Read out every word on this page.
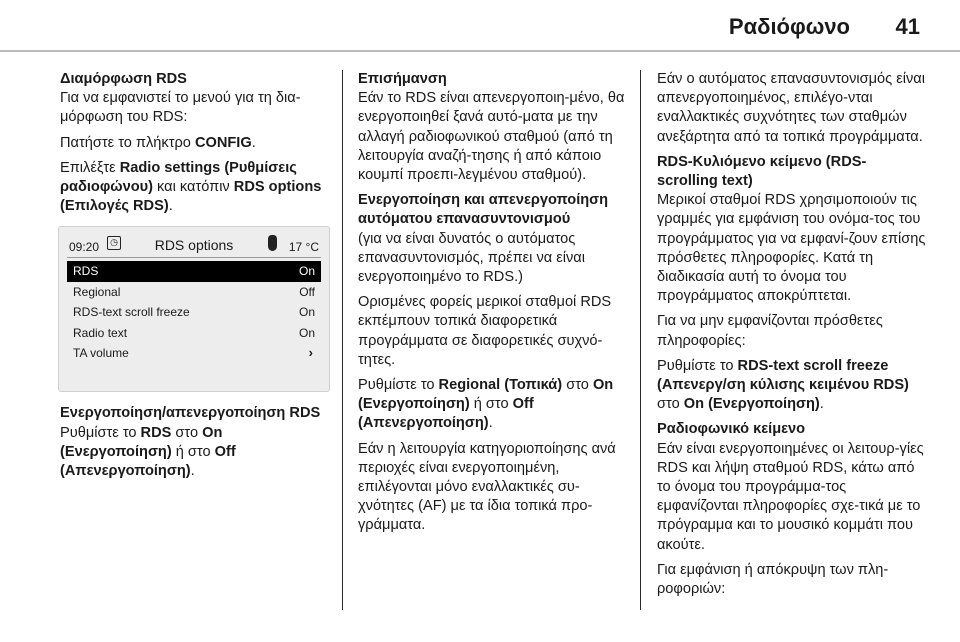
Ραδιόφωνο 41
Διαμόρφωση RDS

Για να εμφανιστεί το μενού για τη δια-μόρφωση του RDS:

Πατήστε το πλήκτρο CONFIG.

Επιλέξτε Radio settings (Ρυθμίσεις ραδιοφώνου) και κατόπιν RDS options (Επιλογές RDS).

09:20	◷	RDS options	17 °C
RDS	On
Regional	Off
RDS-text scroll freeze	On
Radio text	On
TA volume	›
Ενεργοποίηση/απενεργοποίηση RDS

Ρυθμίστε το RDS στο On (Ενεργοποίηση) ή στο Off (Απενεργοποίηση).

Επισήμανση

Εάν το RDS είναι απενεργοποιη-μένο, θα ενεργοποιηθεί ξανά αυτό-ματα με την αλλαγή ραδιοφωνικού σταθμού (από τη λειτουργία αναζή-τησης ή από κάποιο κουμπί προεπι-λεγμένου σταθμού).

Ενεργοποίηση και απενεργοποίηση αυτόματου επανασυντονισμού

(για να είναι δυνατός ο αυτόματος επανασυντονισμός, πρέπει να είναι ενεργοποιημένο το RDS.)

Ορισμένες φορείς μερικοί σταθμοί RDS εκπέμπουν τοπικά διαφορετικά προγράμματα σε διαφορετικές συχνό-τητες.

Ρυθμίστε το Regional (Τοπικά) στο On (Ενεργοποίηση) ή στο Off (Απενεργοποίηση).

Εάν η λειτουργία κατηγοριοποίησης ανά περιοχές είναι ενεργοποιημένη, επιλέγονται μόνο εναλλακτικές συ-χνότητες (AF) με τα ίδια τοπικά προ-γράμματα.

Εάν ο αυτόματος επανασυντονισμός είναι απενεργοποιημένος, επιλέγο-νται εναλλακτικές συχνότητες των σταθμών ανεξάρτητα από τα τοπικά προγράμματα.

RDS-Κυλιόμενο κείμενο (RDS-scrolling text)

Μερικοί σταθμοί RDS χρησιμοποιούν τις γραμμές για εμφάνιση του ονόμα-τος του προγράμματος για να εμφανί-ζουν επίσης πρόσθετες πληροφορίες. Κατά τη διαδικασία αυτή το όνομα του προγράμματος αποκρύπτεται.

Για να μην εμφανίζονται πρόσθετες πληροφορίες:

Ρυθμίστε το RDS-text scroll freeze (Απενεργ/ση κύλισης κειμένου RDS) στο On (Ενεργοποίηση).

Ραδιοφωνικό κείμενο

Εάν είναι ενεργοποιημένες οι λειτουρ-γίες RDS και λήψη σταθμού RDS, κάτω από το όνομα του προγράμμα-τος εμφανίζονται πληροφορίες σχε-τικά με το πρόγραμμα και το μουσικό κομμάτι που ακούτε.

Για εμφάνιση ή απόκρυψη των πλη-ροφοριών:
